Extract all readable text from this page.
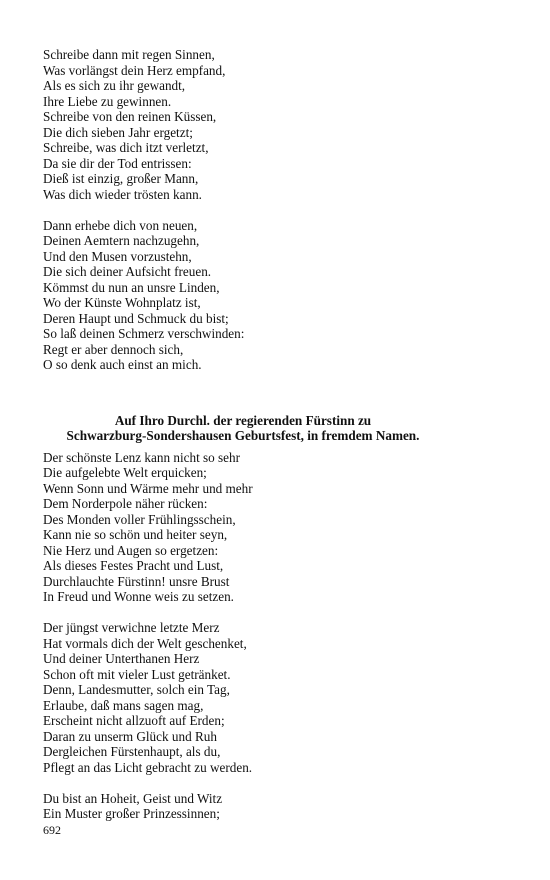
Schreibe dann mit regen Sinnen,
Was vorlängst dein Herz empfand,
Als es sich zu ihr gewandt,
Ihre Liebe zu gewinnen.
Schreibe von den reinen Küssen,
Die dich sieben Jahr ergetzt;
Schreibe, was dich itzt verletzt,
Da sie dir der Tod entrissen:
Dieß ist einzig, großer Mann,
Was dich wieder trösten kann.
Dann erhebe dich von neuen,
Deinen Aemtern nachzugehn,
Und den Musen vorzustehn,
Die sich deiner Aufsicht freuen.
Kömmst du nun an unsre Linden,
Wo der Künste Wohnplatz ist,
Deren Haupt und Schmuck du bist;
So laß deinen Schmerz verschwinden:
Regt er aber dennoch sich,
O so denk auch einst an mich.
Auf Ihro Durchl. der regierenden Fürstinn zu
Schwarzburg-Sondershausen Geburtsfest, in fremdem Namen.
Der schönste Lenz kann nicht so sehr
Die aufgelebte Welt erquicken;
Wenn Sonn und Wärme mehr und mehr
Dem Norderpole näher rücken:
Des Monden voller Frühlingsschein,
Kann nie so schön und heiter seyn,
Nie Herz und Augen so ergetzen:
Als dieses Festes Pracht und Lust,
Durchlauchte Fürstinn! unsre Brust
In Freud und Wonne weis zu setzen.
Der jüngst verwichne letzte Merz
Hat vormals dich der Welt geschenket,
Und deiner Unterthanen Herz
Schon oft mit vieler Lust getränket.
Denn, Landesmutter, solch ein Tag,
Erlaube, daß mans sagen mag,
Erscheint nicht allzuoft auf Erden;
Daran zu unserm Glück und Ruh
Dergleichen Fürstenhaupt, als du,
Pflegt an das Licht gebracht zu werden.
Du bist an Hoheit, Geist und Witz
Ein Muster großer Prinzessinnen;
692
